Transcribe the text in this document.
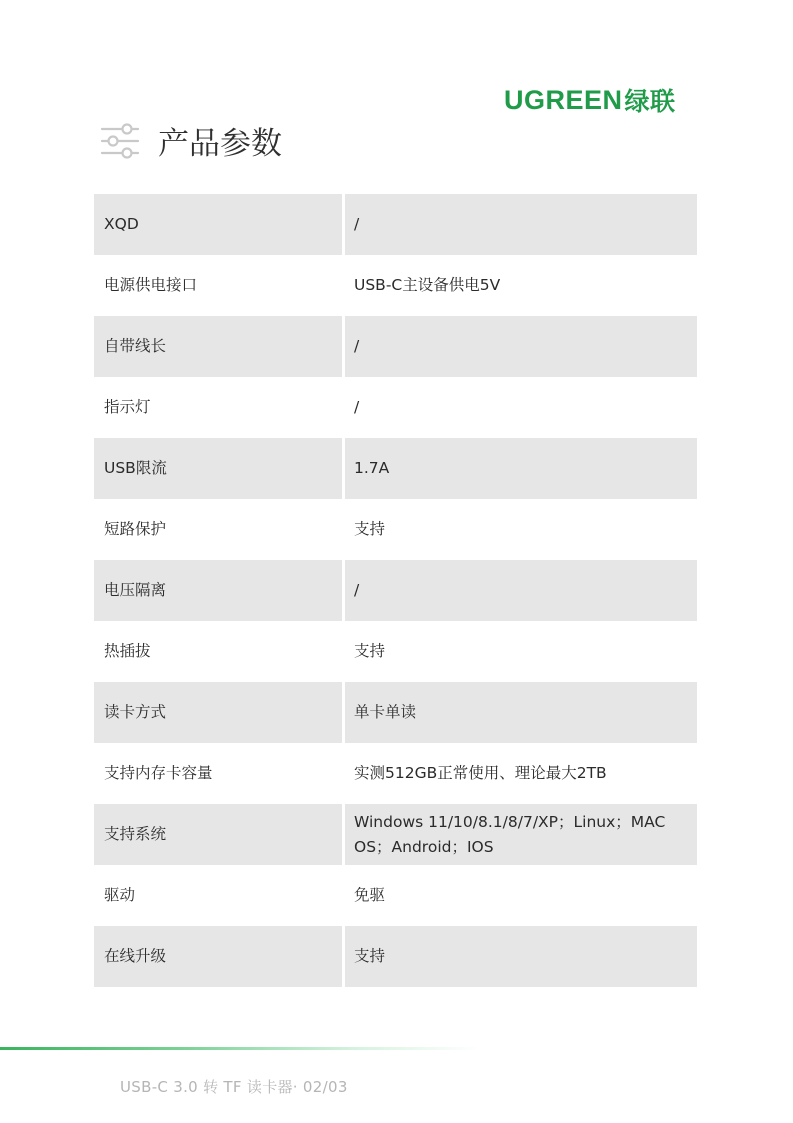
UGREEN 绿联
产品参数
XQD		/
电源供电接口		USB-C主设备供电5V
自带线长		/
指示灯		/
USB限流		1.7A
短路保护		支持
电压隔离		/
热插拔		支持
读卡方式		单卡单读
支持内存卡容量		实测512GB正常使用、理论最大2TB
支持系统		Windows 11/10/8.1/8/7/XP；Linux；MAC OS；Android；IOS
驱动		免驱
在线升级		支持
USB-C 3.0 转 TF 读卡器· 02/03
